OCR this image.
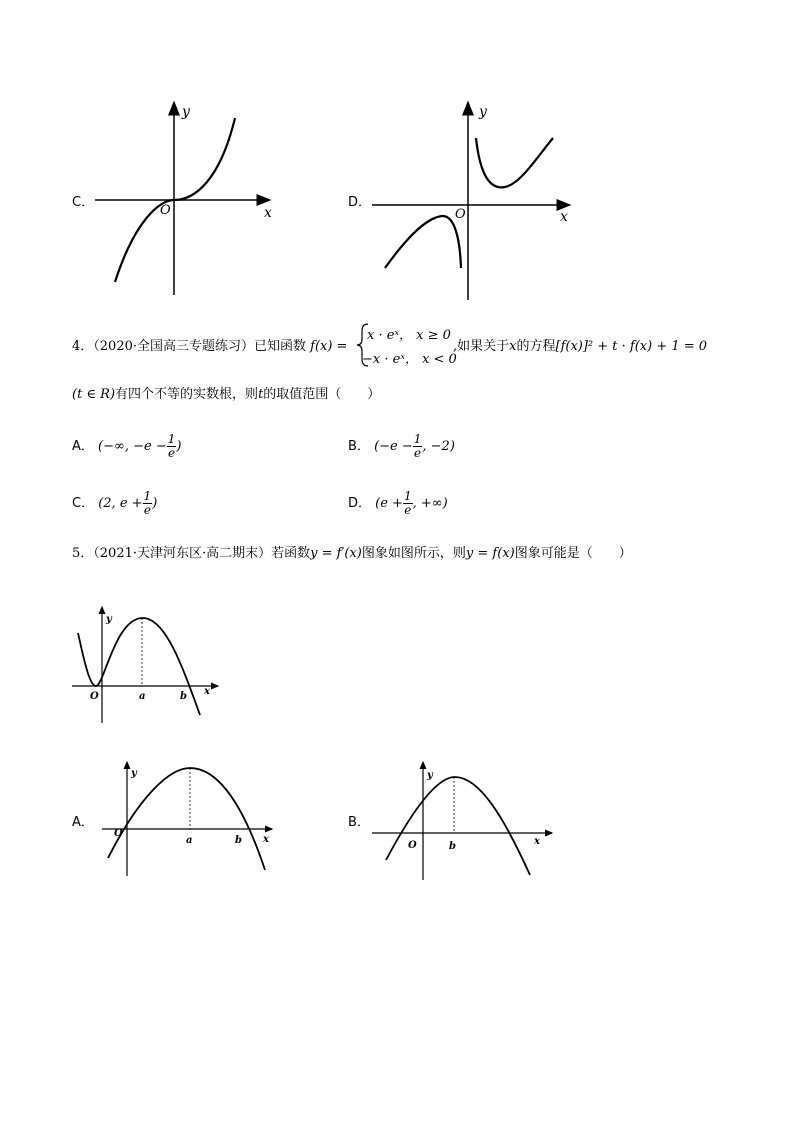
C．
y
x
O
D．
y
x
O
4．（2020·全国高三专题练习）已知函数 f(x) =
x · eˣ， x ≥ 0
−x · eˣ， x < 0
,如果关于x的方程[f(x)]² + t · f(x) + 1 = 0
(t ∈ R)有四个不等的实数根，则t的取值范围（　　）
A． (−∞, $-e - \frac{1}{e}$ )	B． ($-e - \frac{1}{e}$ , −2)
C． (2, $e + \frac{1}{e}$ )	D． ($e + \frac{1}{e}$ , +∞)
5．（2021·天津河东区·高二期末）若函数y = f′(x)图象如图所示，则y = f(x)图象可能是（　　）
y
x
O	a	b
A．
y
x
O
a	b
B．
y
x
O	b
